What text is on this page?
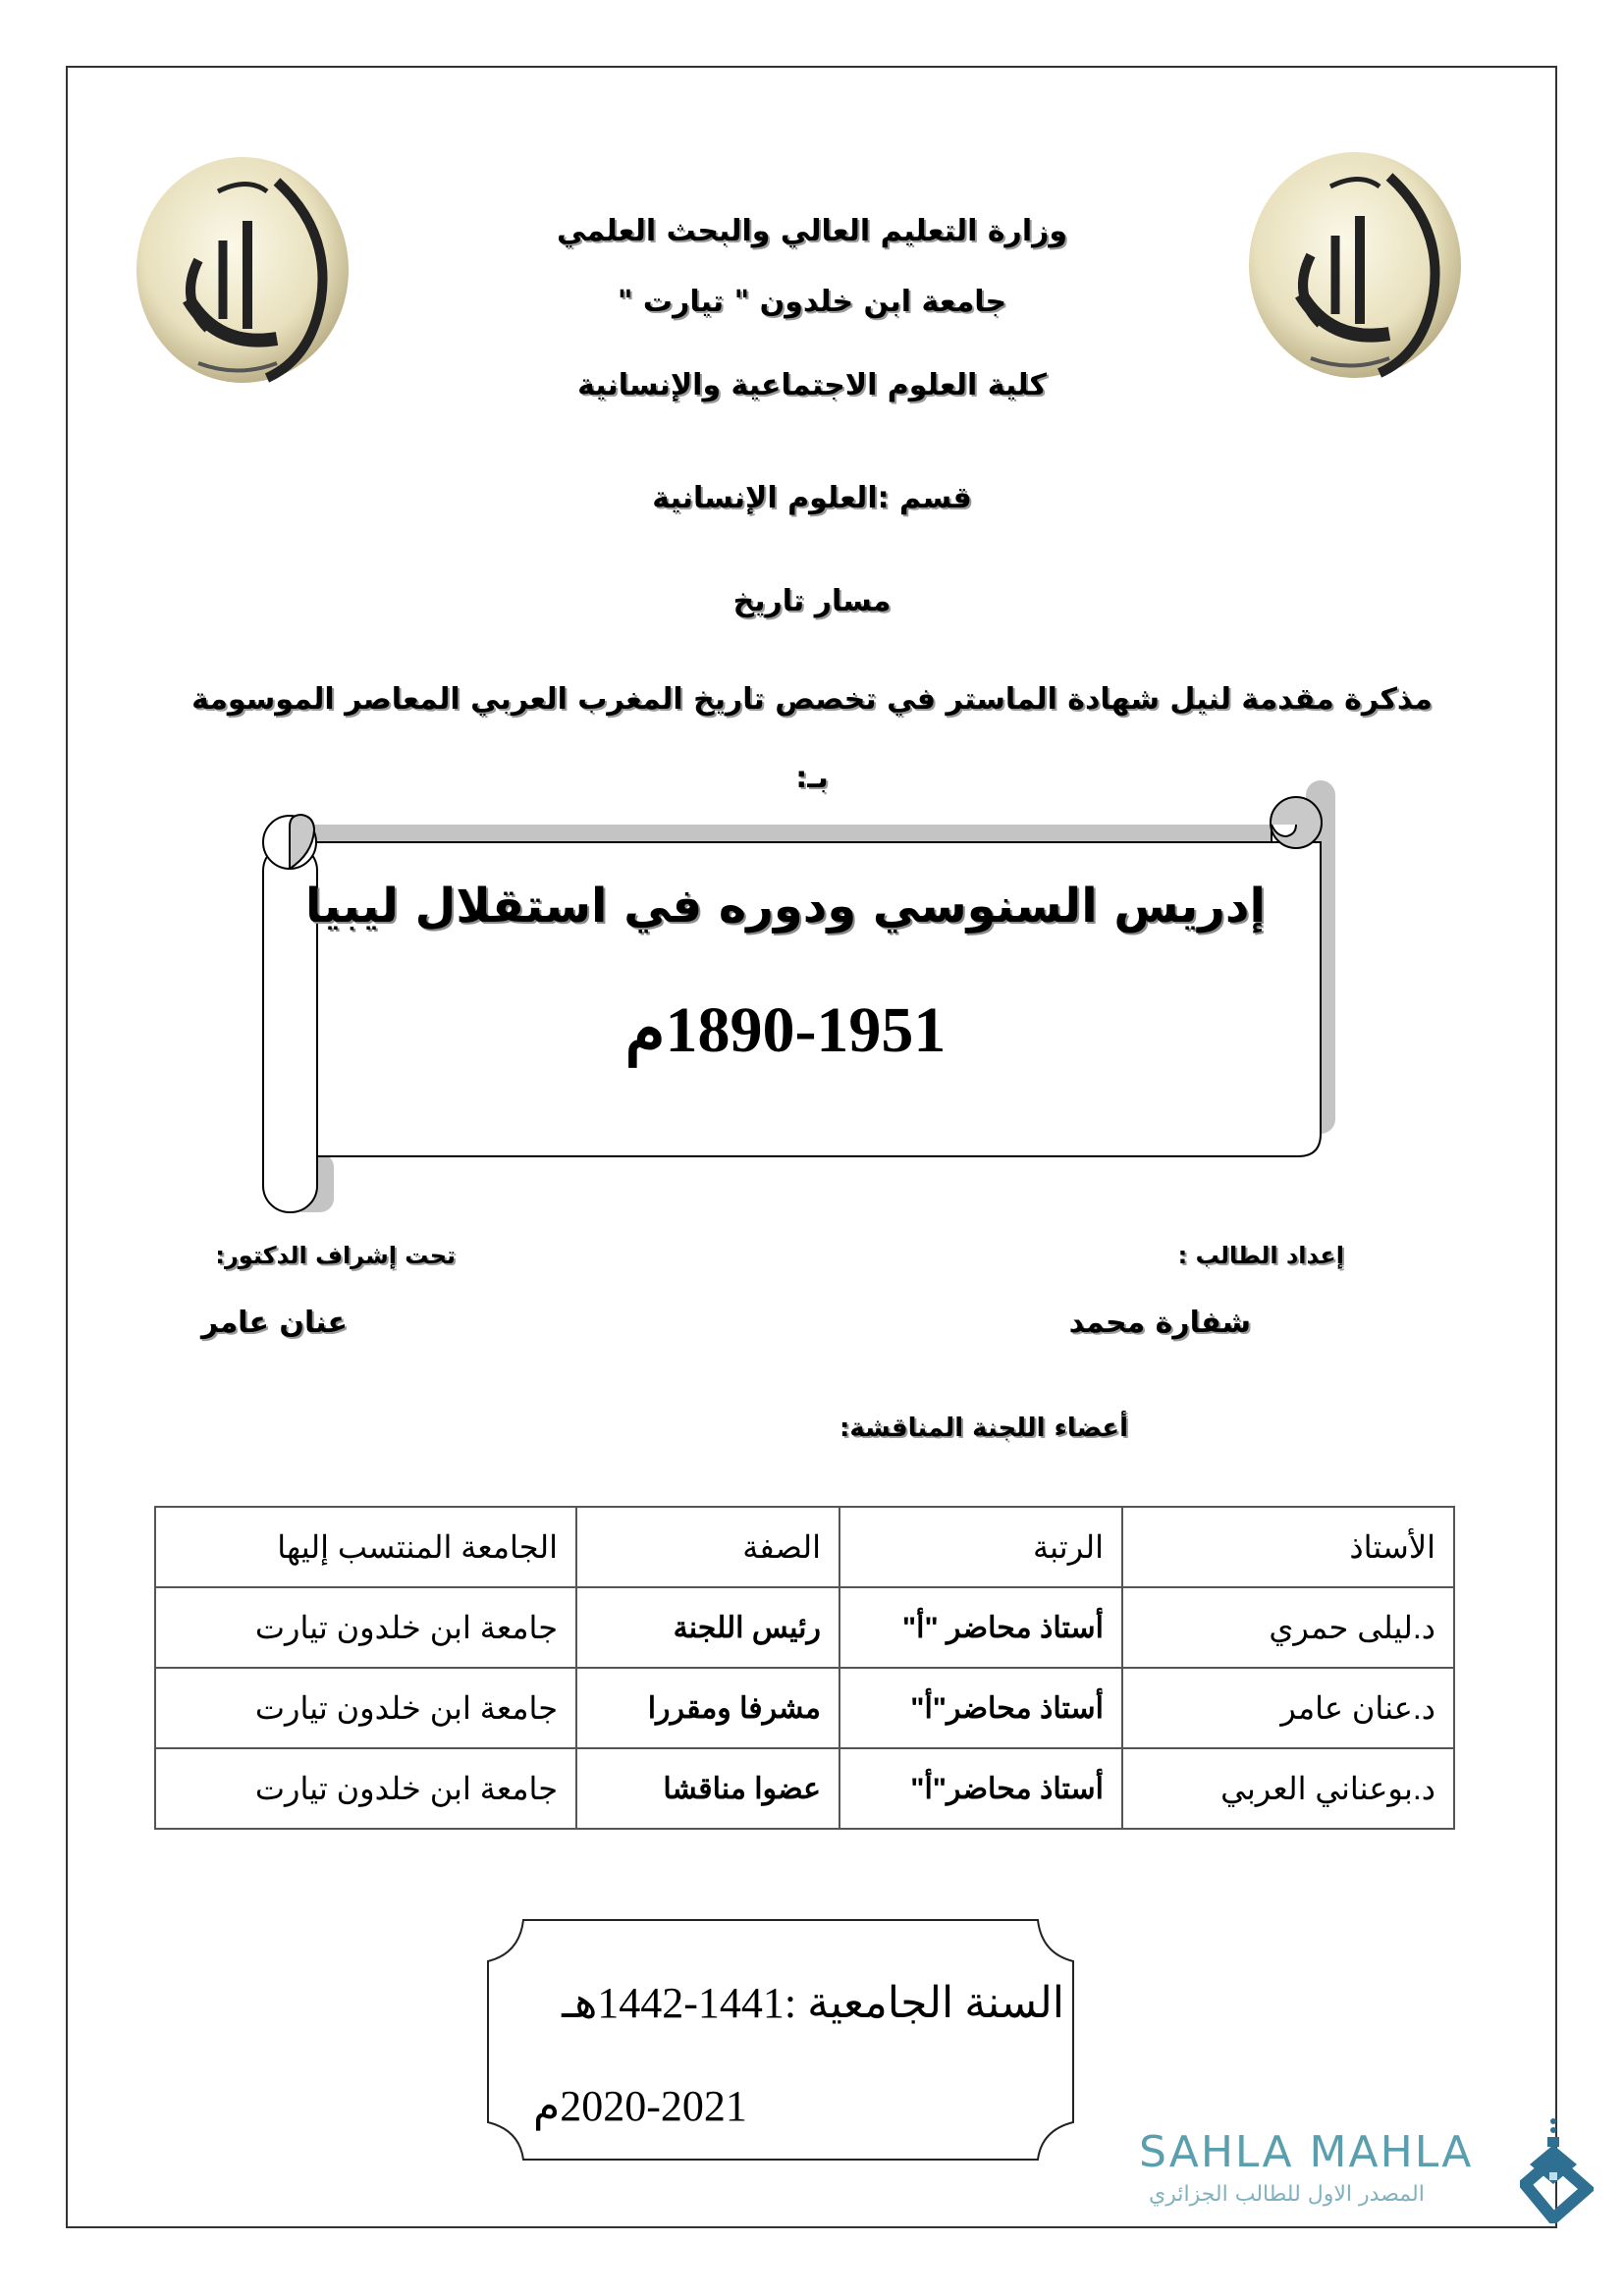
وزارة التعليم العالي والبحث العلمي
جامعة ابن خلدون " تيارت "
كلية العلوم الاجتماعية والإنسانية
قسم :العلوم الإنسانية
مسار تاريخ
مذكرة مقدمة لنيل شهادة الماستر في تخصص تاريخ المغرب العربي المعاصر الموسومة
بـ:
إدريس السنوسي ودوره في استقلال ليبيا
1890-1951م
إعداد الطالب :
تحت إشراف الدكتور:
شفارة محمد
عنان عامر
أعضاء اللجنة المناقشة:
الأستاذ	الرتبة	الصفة	الجامعة المنتسب إليها
د.ليلى حمري	أستاذ محاضر "أ"	رئيس اللجنة	جامعة ابن خلدون تيارت
د.عنان عامر	أستاذ محاضر"أ"	مشرفا ومقررا	جامعة ابن خلدون تيارت
د.بوعناني العربي	أستاذ محاضر"أ"	عضوا مناقشا	جامعة ابن خلدون تيارت
السنة الجامعية :1441-1442هـ
2020-2021م
SAHLA MAHLA
المصدر الاول للطالب الجزائري
